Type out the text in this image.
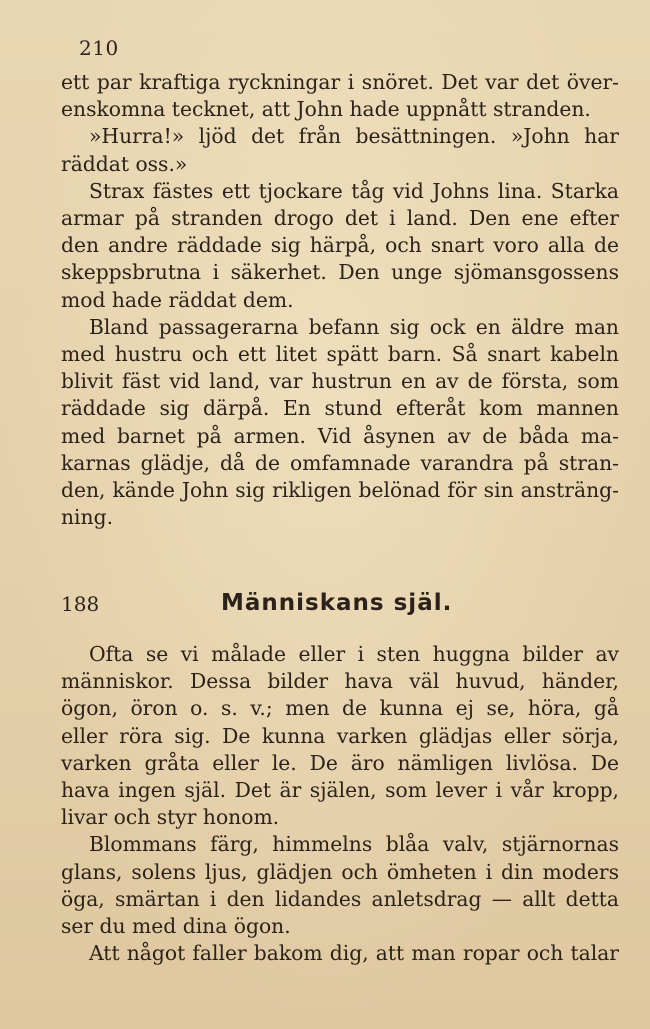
210
ett par kraftiga ryckningar i snöret. Det var det över-
enskomna tecknet, att John hade uppnått stranden.
»Hurra!» ljöd det från besättningen. »John har
räddat oss.»
Strax fästes ett tjockare tåg vid Johns lina. Starka
armar på stranden drogo det i land. Den ene efter
den andre räddade sig härpå, och snart voro alla de
skeppsbrutna i säkerhet. Den unge sjömansgossens
mod hade räddat dem.
Bland passagerarna befann sig ock en äldre man
med hustru och ett litet spätt barn. Så snart kabeln
blivit fäst vid land, var hustrun en av de första, som
räddade sig därpå. En stund efteråt kom mannen
med barnet på armen. Vid åsynen av de båda ma-
karnas glädje, då de omfamnade varandra på stran-
den, kände John sig rikligen belönad för sin ansträng-
ning.
188	Människans själ.
Ofta se vi målade eller i sten huggna bilder av
människor. Dessa bilder hava väl huvud, händer,
ögon, öron o. s. v.; men de kunna ej se, höra, gå
eller röra sig. De kunna varken glädjas eller sörja,
varken gråta eller le. De äro nämligen livlösa. De
hava ingen själ. Det är själen, som lever i vår kropp,
livar och styr honom.
Blommans färg, himmelns blåa valv, stjärnornas
glans, solens ljus, glädjen och ömheten i din moders
öga, smärtan i den lidandes anletsdrag — allt detta
ser du med dina ögon.
Att något faller bakom dig, att man ropar och talar
